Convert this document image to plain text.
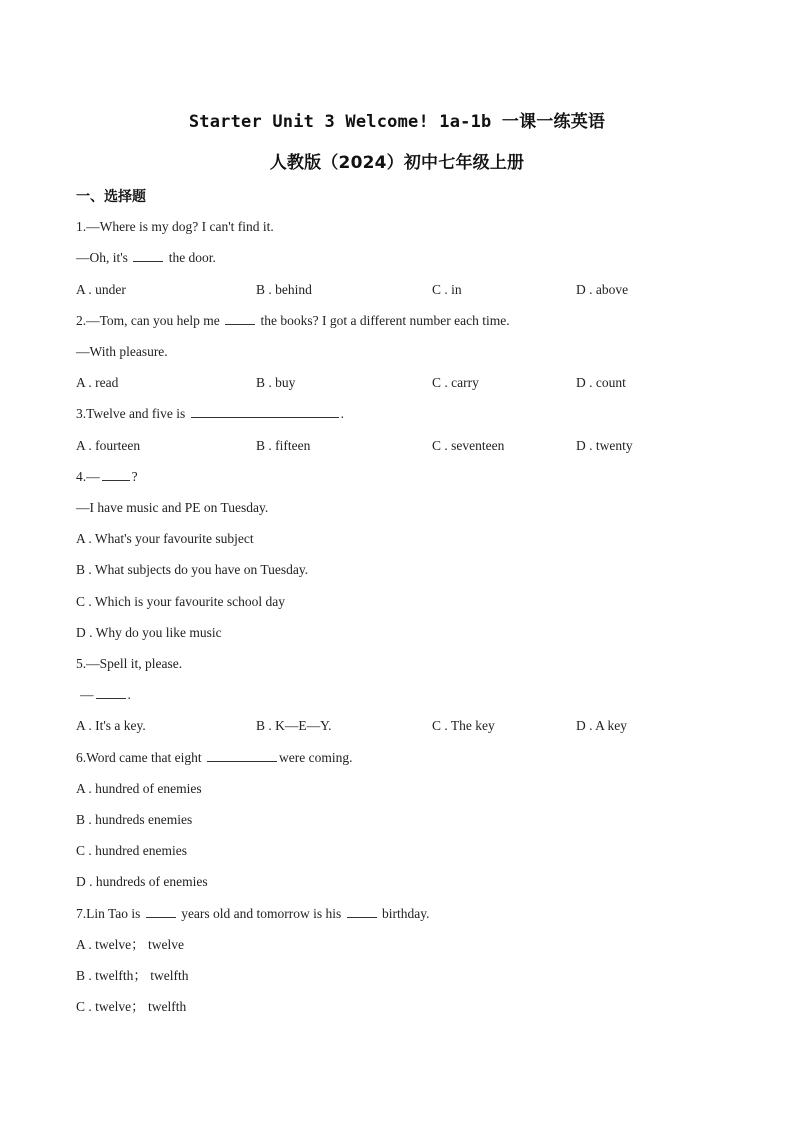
Starter Unit 3 Welcome! 1a-1b 一课一练英语
人教版（2024）初中七年级上册
一、选择题
1.—Where is my dog? I can't find it.
—Oh, it's	the door.
A . under	B . behind	C . in	D . above
2.—Tom, can you help me	the books? I got a different number each time.
—With pleasure.
A . read	B . buy	C . carry	D . count
3.Twelve and five is	.
A . fourteen	B . fifteen	C . seventeen	D . twenty
4.— ?
—I have music and PE on Tuesday.
A . What's your favourite subject
B . What subjects do you have on Tuesday.
C . Which is your favourite school day
D . Why do you like music
5.—Spell it, please.
—	.
A . It's a key.	B . K—E—Y.	C . The key	D . A key
6.Word came that eight	were coming.
A . hundred of enemies
B . hundreds enemies
C . hundred enemies
D . hundreds of enemies
7.Lin Tao is	years old and tomorrow is his	birthday.
A . twelve； twelve
B . twelfth； twelfth
C . twelve； twelfth
